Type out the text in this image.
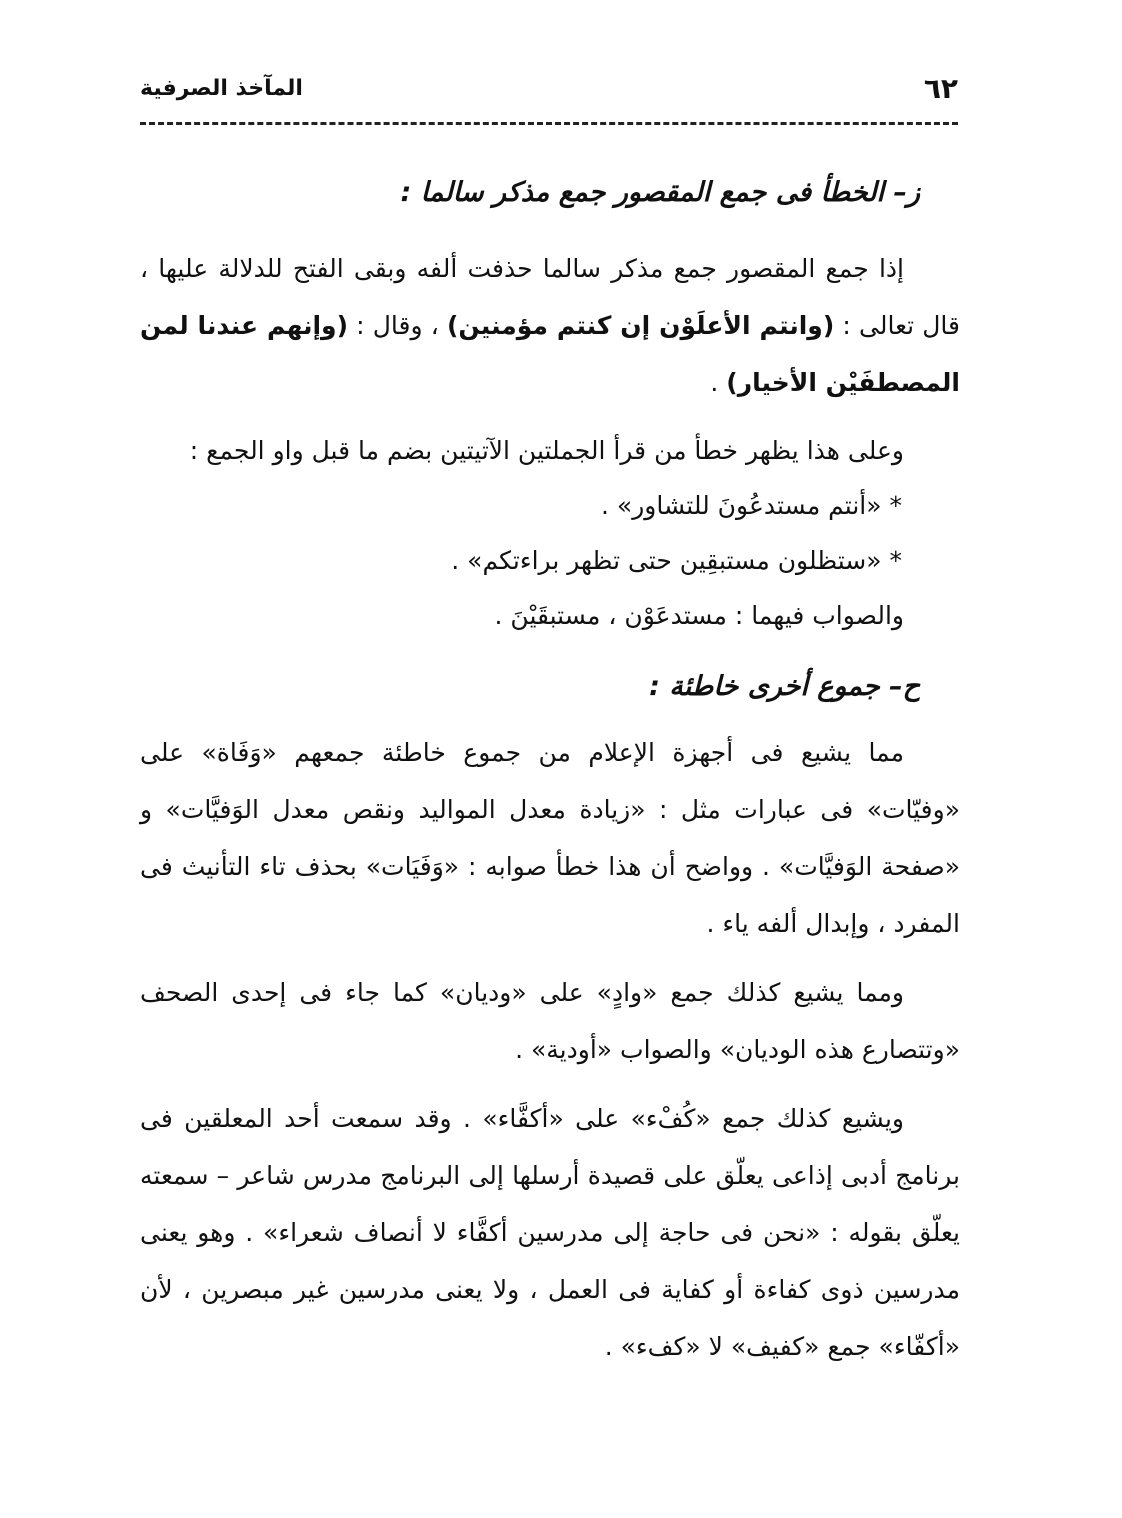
٦٢
المآخذ الصرفية
ز– الخطأ فى جمع المقصور جمع مذكر سالما :

إذا جمع المقصور جمع مذكر سالما حذفت ألفه وبقى الفتح للدلالة عليها ، قال تعالى : (وانتم الأعلَوْن إن كنتم مؤمنين) ، وقال : (وإنهم عندنا لمن المصطفَيْن الأخيار) .

وعلى هذا يظهر خطأ من قرأ الجملتين الآتيتين بضم ما قبل واو الجمع :

* «أنتم مستدعُونَ للتشاور» .

* «ستظلون مستبقِين حتى تظهر براءتكم» .

والصواب فيهما : مستدعَوْن ، مستبقَيْنَ .

ح– جموع أخرى خاطئة :

مما يشيع فى أجهزة الإعلام من جموع خاطئة جمعهم «وَفَاة» على «وفيّات» فى عبارات مثل : «زيادة معدل المواليد ونقص معدل الوَفيَّات» و «صفحة الوَفيَّات» . وواضح أن هذا خطأ صوابه : «وَفَيَات» بحذف تاء التأنيث فى المفرد ، وإبدال ألفه ياء .

ومما يشيع كذلك جمع «وادٍ» على «وديان» كما جاء فى إحدى الصحف «وتتصارع هذه الوديان» والصواب «أودية» .

ويشيع كذلك جمع «كُفْء» على «أكفَّاء» . وقد سمعت أحد المعلقين فى برنامج أدبى إذاعى يعلّق على قصيدة أرسلها إلى البرنامج مدرس شاعر – سمعته يعلّق بقوله : «نحن فى حاجة إلى مدرسين أكفَّاء لا أنصاف شعراء» . وهو يعنى مدرسين ذوى كفاءة أو كفاية فى العمل ، ولا يعنى مدرسين غير مبصرين ، لأن «أكفّاء» جمع «كفيف» لا «كفء» .
